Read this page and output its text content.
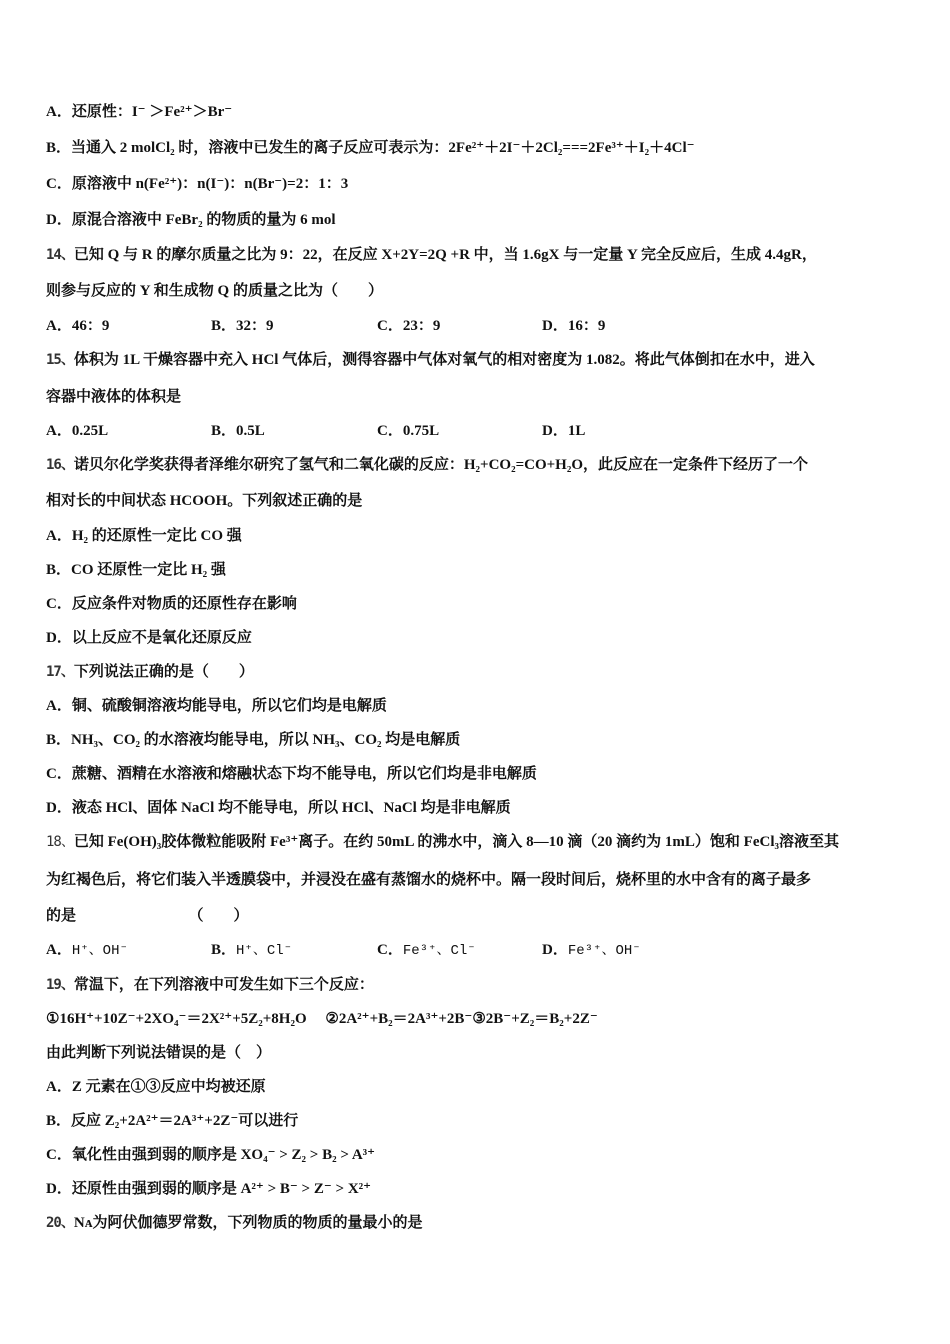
A．还原性：I⁻ ＞Fe²⁺＞Br⁻
B．当通入 2 molCl₂ 时，溶液中已发生的离子反应可表示为：2Fe²⁺＋2I⁻＋2Cl₂===2Fe³⁺＋I₂＋4Cl⁻
C．原溶液中 n(Fe²⁺)：n(I⁻)：n(Br⁻)=2：1：3
D．原混合溶液中 FeBr₂ 的物质的量为 6 mol
14、已知 Q 与 R 的摩尔质量之比为 9：22，在反应 X+2Y=2Q +R 中，当 1.6gX 与一定量 Y 完全反应后，生成 4.4gR，
则参与反应的 Y 和生成物 Q 的质量之比为（　　）
A．46：9	B．32：9	C．23：9	D．16：9
15、体积为 1L 干燥容器中充入 HCl 气体后，测得容器中气体对氧气的相对密度为 1.082。将此气体倒扣在水中，进入
容器中液体的体积是
A．0.25L	B．0.5L	C．0.75L	D．1L
16、诺贝尔化学奖获得者泽维尔研究了氢气和二氧化碳的反应：H₂+CO₂=CO+H₂O，此反应在一定条件下经历了一个
相对长的中间状态 HCOOH。下列叙述正确的是
A．H₂ 的还原性一定比 CO 强
B．CO 还原性一定比 H₂ 强
C．反应条件对物质的还原性存在影响
D．以上反应不是氧化还原反应
17、下列说法正确的是（　　）
A．铜、硫酸铜溶液均能导电，所以它们均是电解质
B．NH₃、CO₂ 的水溶液均能导电，所以 NH₃、CO₂ 均是电解质
C．蔗糖、酒精在水溶液和熔融状态下均不能导电，所以它们均是非电解质
D．液态 HCl、固体 NaCl 均不能导电，所以 HCl、NaCl 均是非电解质
18、已知 Fe(OH)₃胶体微粒能吸附 Fe³⁺离子。在约 50mL 的沸水中，滴入 8—10 滴（20 滴约为 1mL）饱和 FeCl₃溶液至其
为红褐色后，将它们装入半透膜袋中，并浸没在盛有蒸馏水的烧杯中。隔一段时间后，烧杯里的水中含有的离子最多
的是　　　　　　　　（　　）
A．H⁺、OH⁻	B．H⁺、Cl⁻	C．Fe³⁺、Cl⁻	D．Fe³⁺、OH⁻
19、常温下，在下列溶液中可发生如下三个反应：
①16H⁺+10Z⁻+2XO₄⁻＝2X²⁺+5Z₂+8H₂O　 ②2A²⁺+B₂＝2A³⁺+2B⁻③2B⁻+Z₂＝B₂+2Z⁻
由此判断下列说法错误的是（　）
A．Z 元素在①③反应中均被还原
B．反应 Z₂+2A²⁺＝2A³⁺+2Z⁻可以进行
C．氧化性由强到弱的顺序是 XO₄⁻ > Z₂ > B₂ > A³⁺
D．还原性由强到弱的顺序是 A²⁺ > B⁻ > Z⁻ > X²⁺
20、Nᴀ为阿伏伽德罗常数，下列物质的物质的量最小的是
